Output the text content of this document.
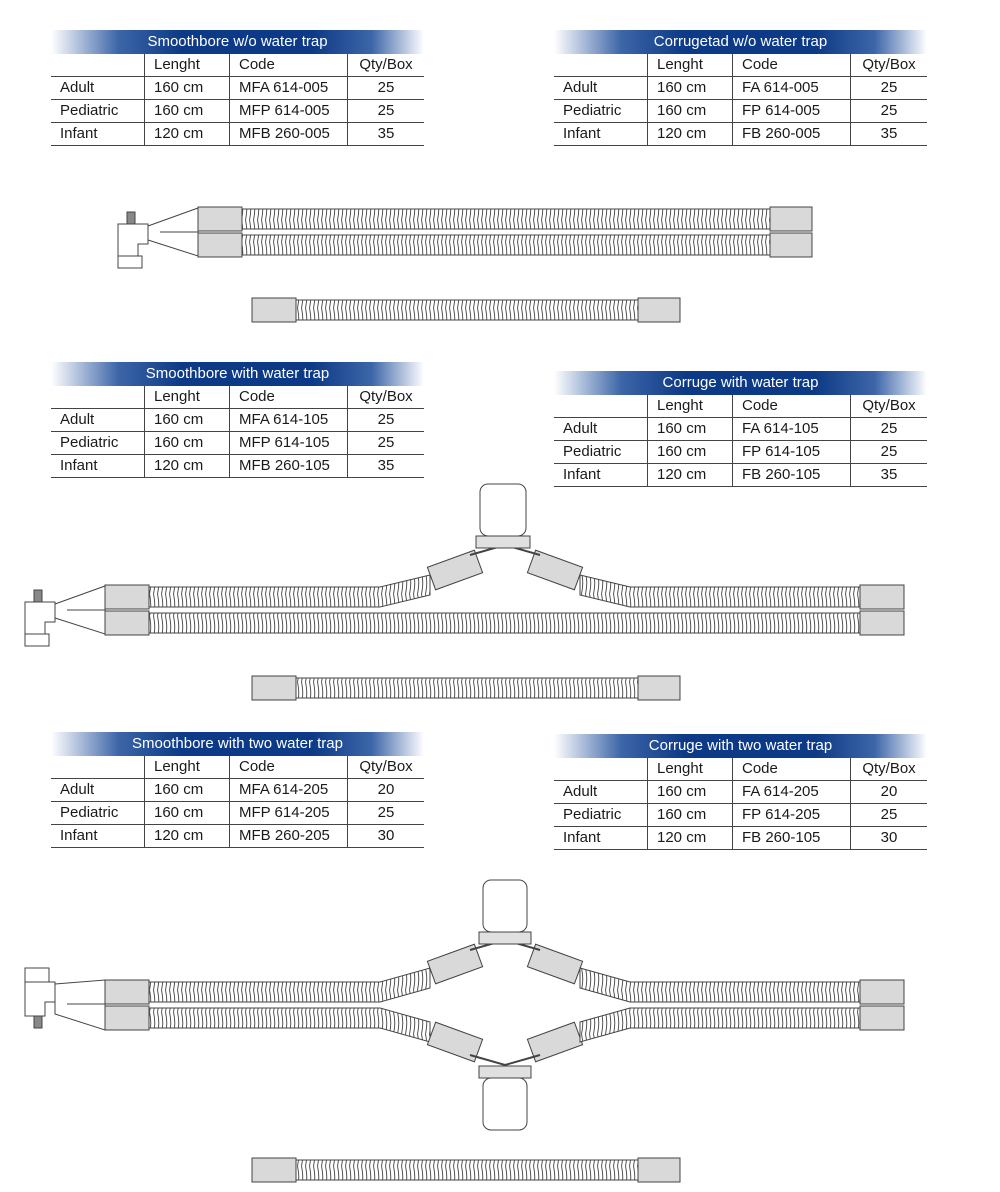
Smoothbore w/o water trap			
	Lenght	Code	Qty/Box
Adult	160 cm	MFA 614-005	25
Pediatric	160 cm	MFP 614-005	25
Infant	120 cm	MFB 260-005	35
Corrugetad w/o water trap			
	Lenght	Code	Qty/Box
Adult	160 cm	FA 614-005	25
Pediatric	160 cm	FP 614-005	25
Infant	120 cm	FB 260-005	35
Smoothbore with water trap			
	Lenght	Code	Qty/Box
Adult	160 cm	MFA 614-105	25
Pediatric	160 cm	MFP 614-105	25
Infant	120 cm	MFB 260-105	35
Corruge with water trap			
	Lenght	Code	Qty/Box
Adult	160 cm	FA 614-105	25
Pediatric	160 cm	FP 614-105	25
Infant	120 cm	FB 260-105	35
Smoothbore with two water trap			
	Lenght	Code	Qty/Box
Adult	160 cm	MFA 614-205	20
Pediatric	160 cm	MFP 614-205	25
Infant	120 cm	MFB 260-205	30
Corruge with two water trap			
	Lenght	Code	Qty/Box
Adult	160 cm	FA 614-205	20
Pediatric	160 cm	FP 614-205	25
Infant	120 cm	FB 260-105	30
